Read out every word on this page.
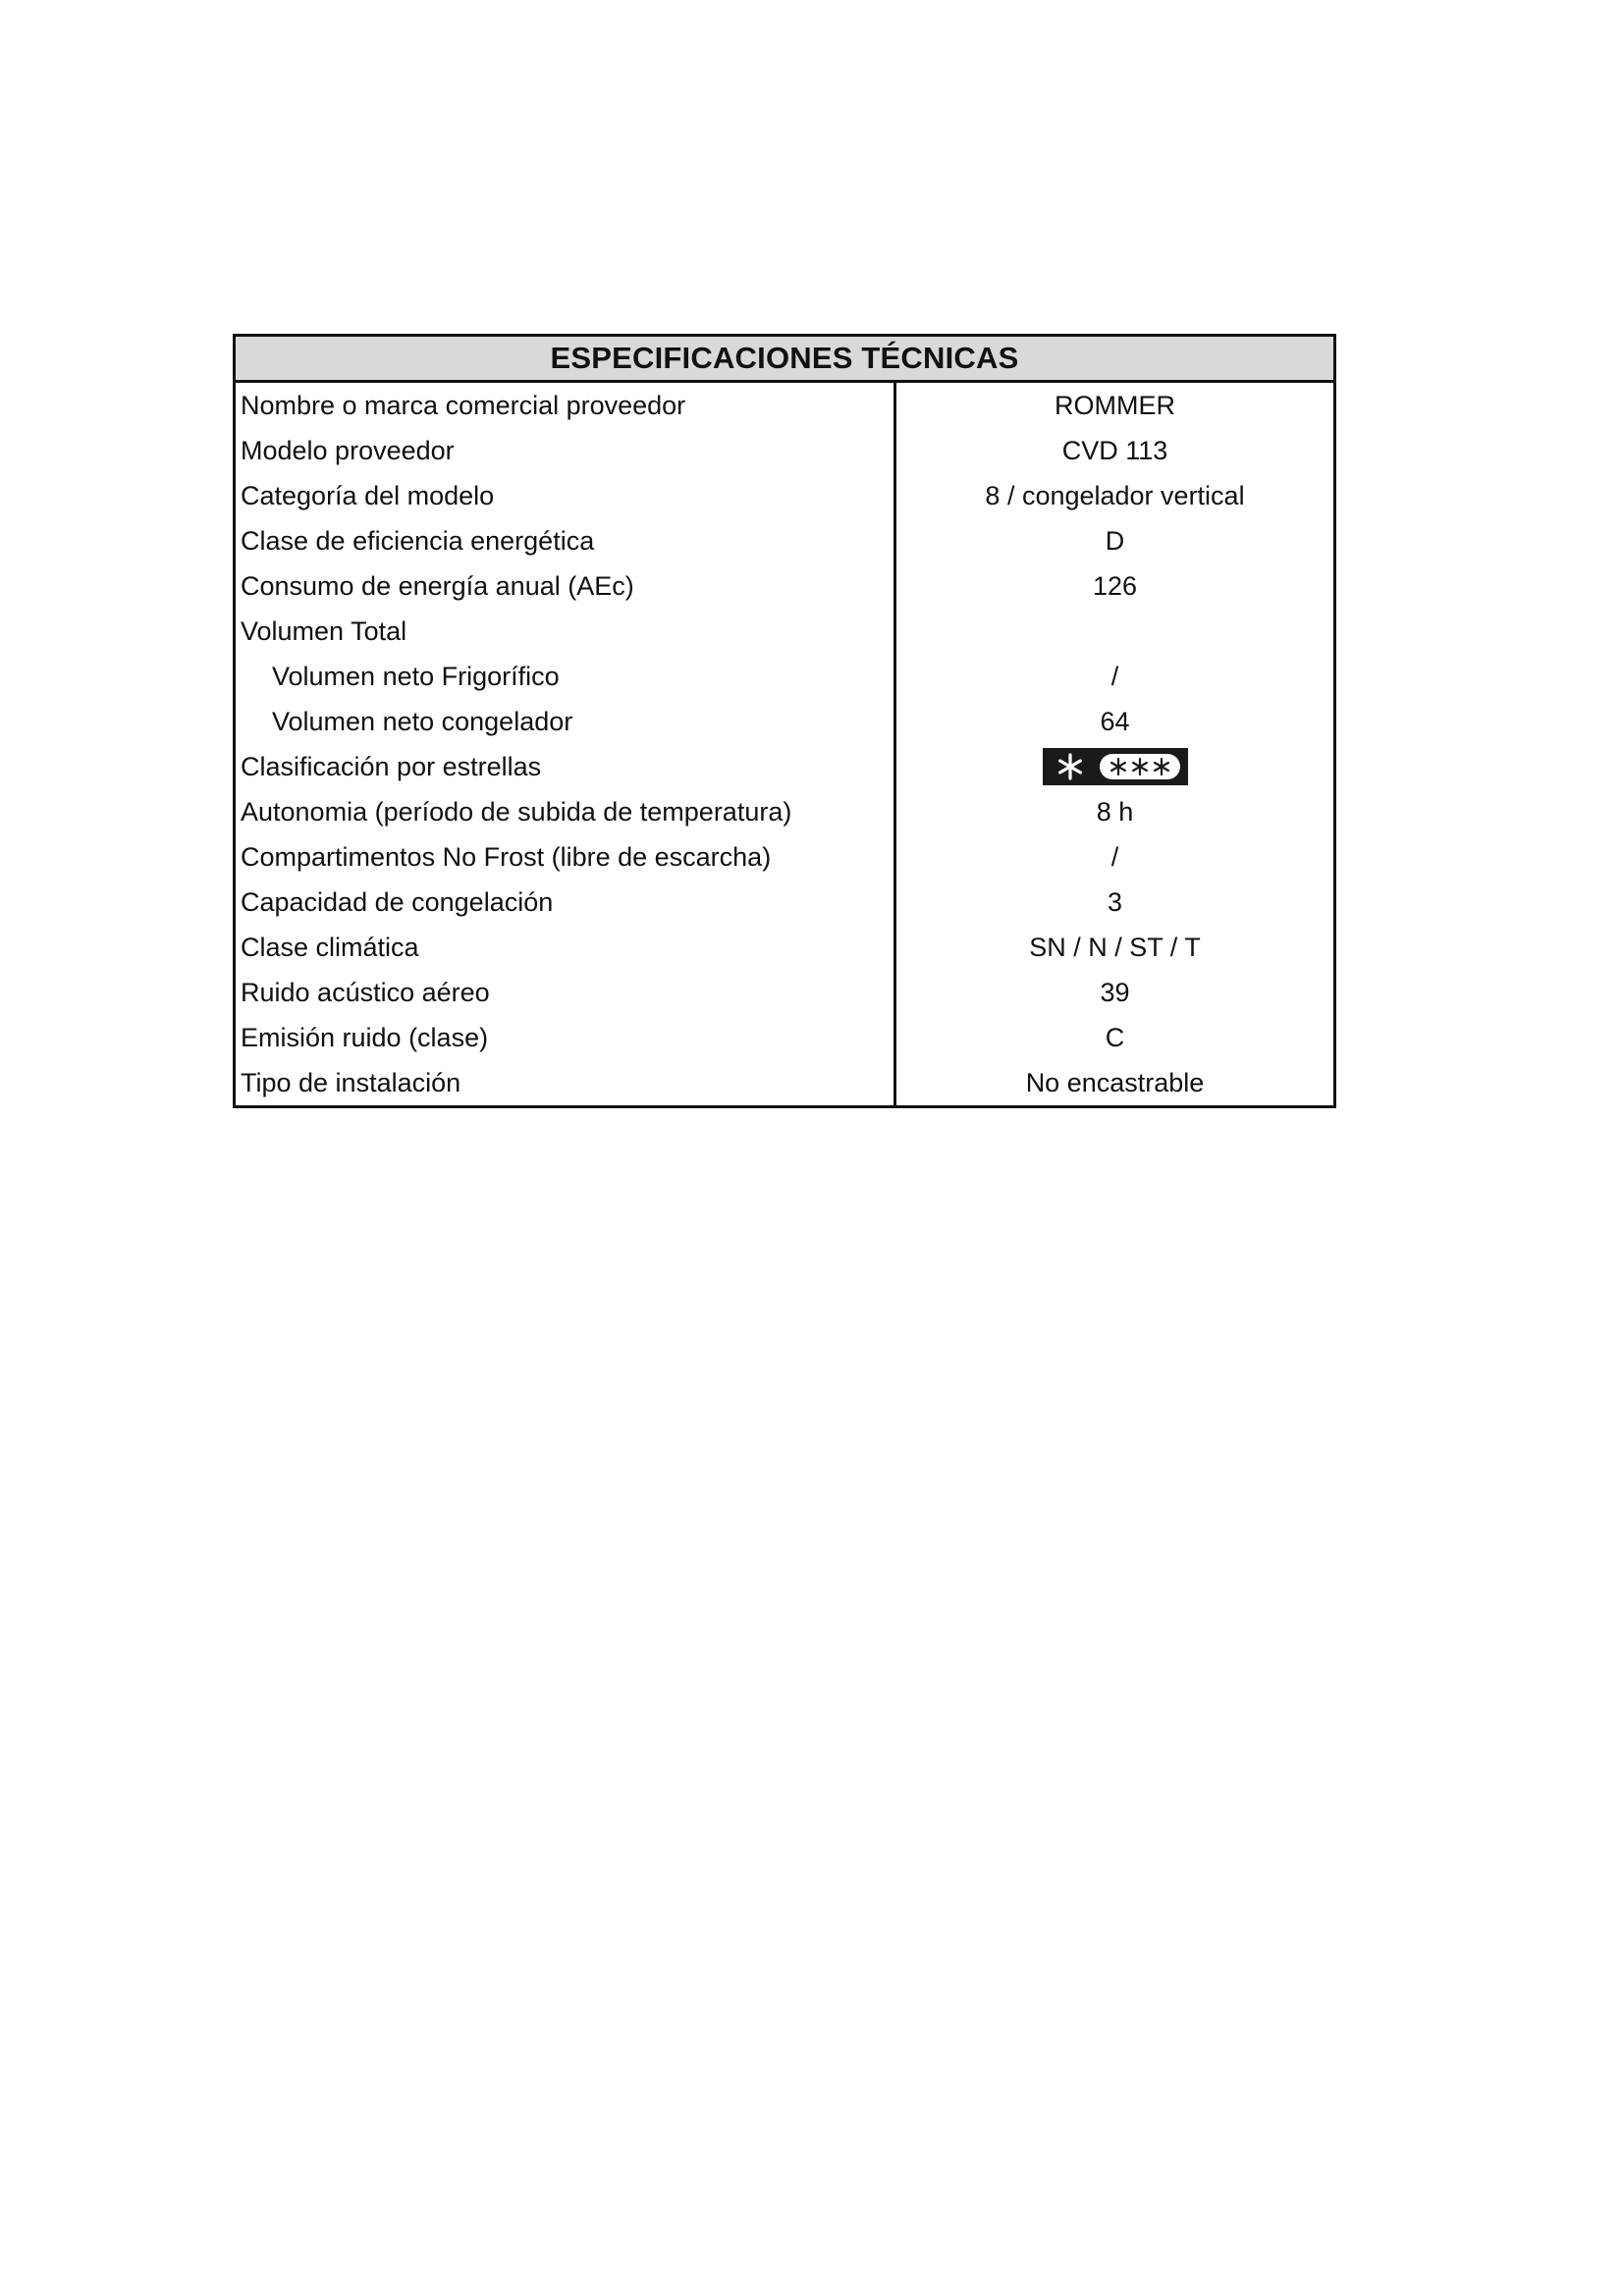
ESPECIFICACIONES TÉCNICAS
Nombre o marca comercial proveedor	ROMMER
Modelo proveedor	CVD 113
Categoría del modelo	8 / congelador vertical
Clase de eficiencia energética	D
Consumo de energía anual (AEc)	126
Volumen Total
Volumen neto Frigorífico	/
Volumen neto congelador	64
Clasificación por estrellas
Autonomia (período de subida de temperatura)	8 h
Compartimentos No Frost (libre de escarcha)	/
Capacidad de congelación	3
Clase climática	SN / N / ST / T
Ruido acústico aéreo	39
Emisión ruido (clase)	C
Tipo de instalación	No encastrable
